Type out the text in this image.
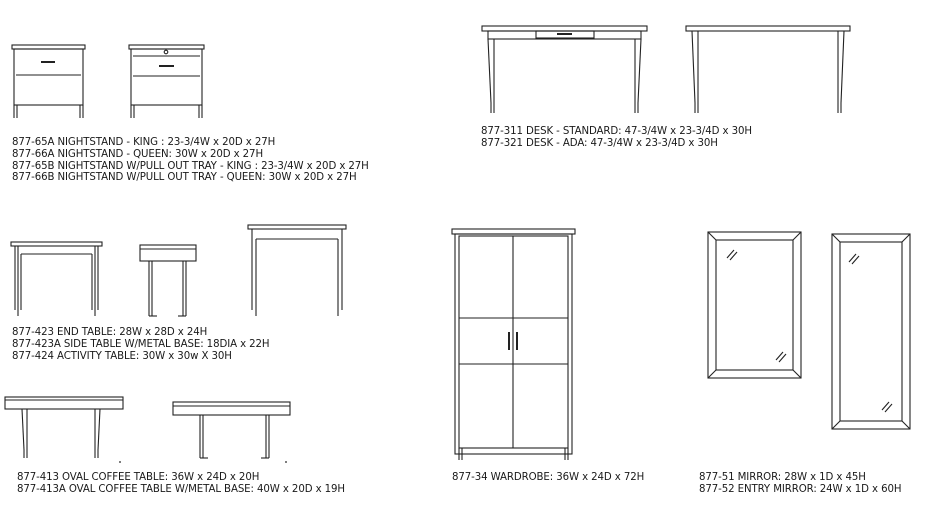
877-65A NIGHTSTAND - KING : 23-3/4W x 20D x 27H
877-66A NIGHTSTAND - QUEEN: 30W x 20D x 27H
877-65B NIGHTSTAND W/PULL OUT TRAY - KING : 23-3/4W x 20D x 27H
877-66B NIGHTSTAND W/PULL OUT TRAY - QUEEN: 30W x 20D x 27H
877-311 DESK - STANDARD: 47-3/4W x 23-3/4D x 30H
877-321 DESK - ADA: 47-3/4W x 23-3/4D x 30H
877-423 END TABLE: 28W x 28D x 24H
877-423A SIDE TABLE W/METAL BASE: 18DIA x 22H
877-424 ACTIVITY TABLE: 30W x 30w X 30H
877-413 OVAL COFFEE TABLE: 36W x 24D x 20H
877-413A OVAL COFFEE TABLE W/METAL BASE: 40W x 20D x 19H
877-34 WARDROBE: 36W x 24D x 72H	877-51 MIRROR: 28W x 1D x 45H
877-52 ENTRY MIRROR: 24W x 1D x 60H
